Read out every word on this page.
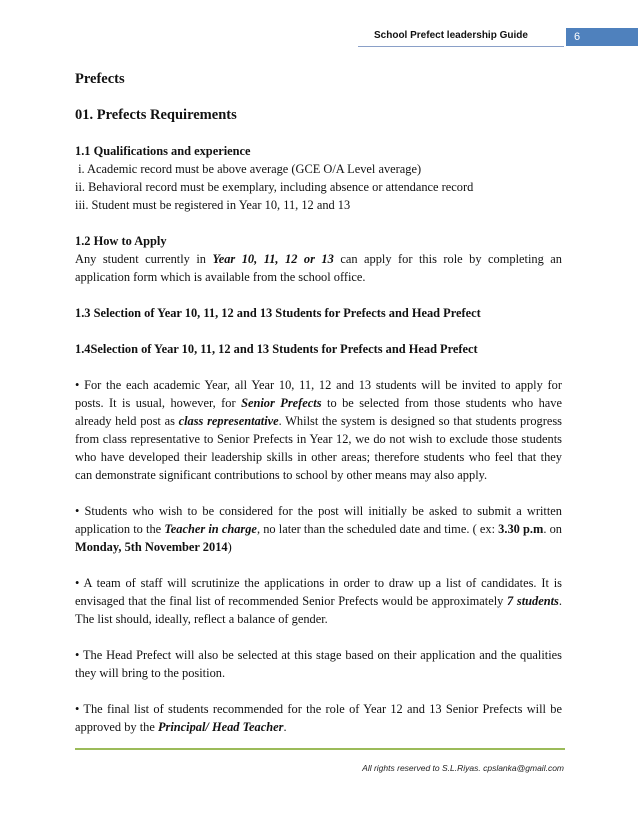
School Prefect leadership Guide	6
Prefects
01. Prefects Requirements
1.1 Qualifications and experience

i. Academic record must be above average (GCE O/A Level average)

ii. Behavioral record must be exemplary, including absence or attendance record

iii. Student must be registered in Year 10, 11, 12 and 13

1.2 How to Apply

Any student currently in Year 10, 11, 12 or 13 can apply for this role by completing an application form which is available from the school office.

1.3 Selection of Year 10, 11, 12 and 13 Students for Prefects and Head Prefect
1.4Selection of Year 10, 11, 12 and 13 Students for Prefects and Head Prefect

• For the each academic Year, all Year 10, 11, 12 and 13 students will be invited to apply for posts. It is usual, however, for Senior Prefects to be selected from those students who have already held post as class representative. Whilst the system is designed so that students progress from class representative to Senior Prefects in Year 12, we do not wish to exclude those students who have developed their leadership skills in other areas; therefore students who feel that they can demonstrate significant contributions to school by other means may also apply.

• Students who wish to be considered for the post will initially be asked to submit a written application to the Teacher in charge, no later than the scheduled date and time. ( ex: 3.30 p.m. on Monday, 5th November 2014)

• A team of staff will scrutinize the applications in order to draw up a list of candidates. It is envisaged that the final list of recommended Senior Prefects would be approximately 7 students. The list should, ideally, reflect a balance of gender.

• The Head Prefect will also be selected at this stage based on their application and the qualities they will bring to the position.

• The final list of students recommended for the role of Year 12 and 13 Senior Prefects will be approved by the Principal/ Head Teacher.

All rights reserved to S.L.Riyas. cpslanka@gmail.com
